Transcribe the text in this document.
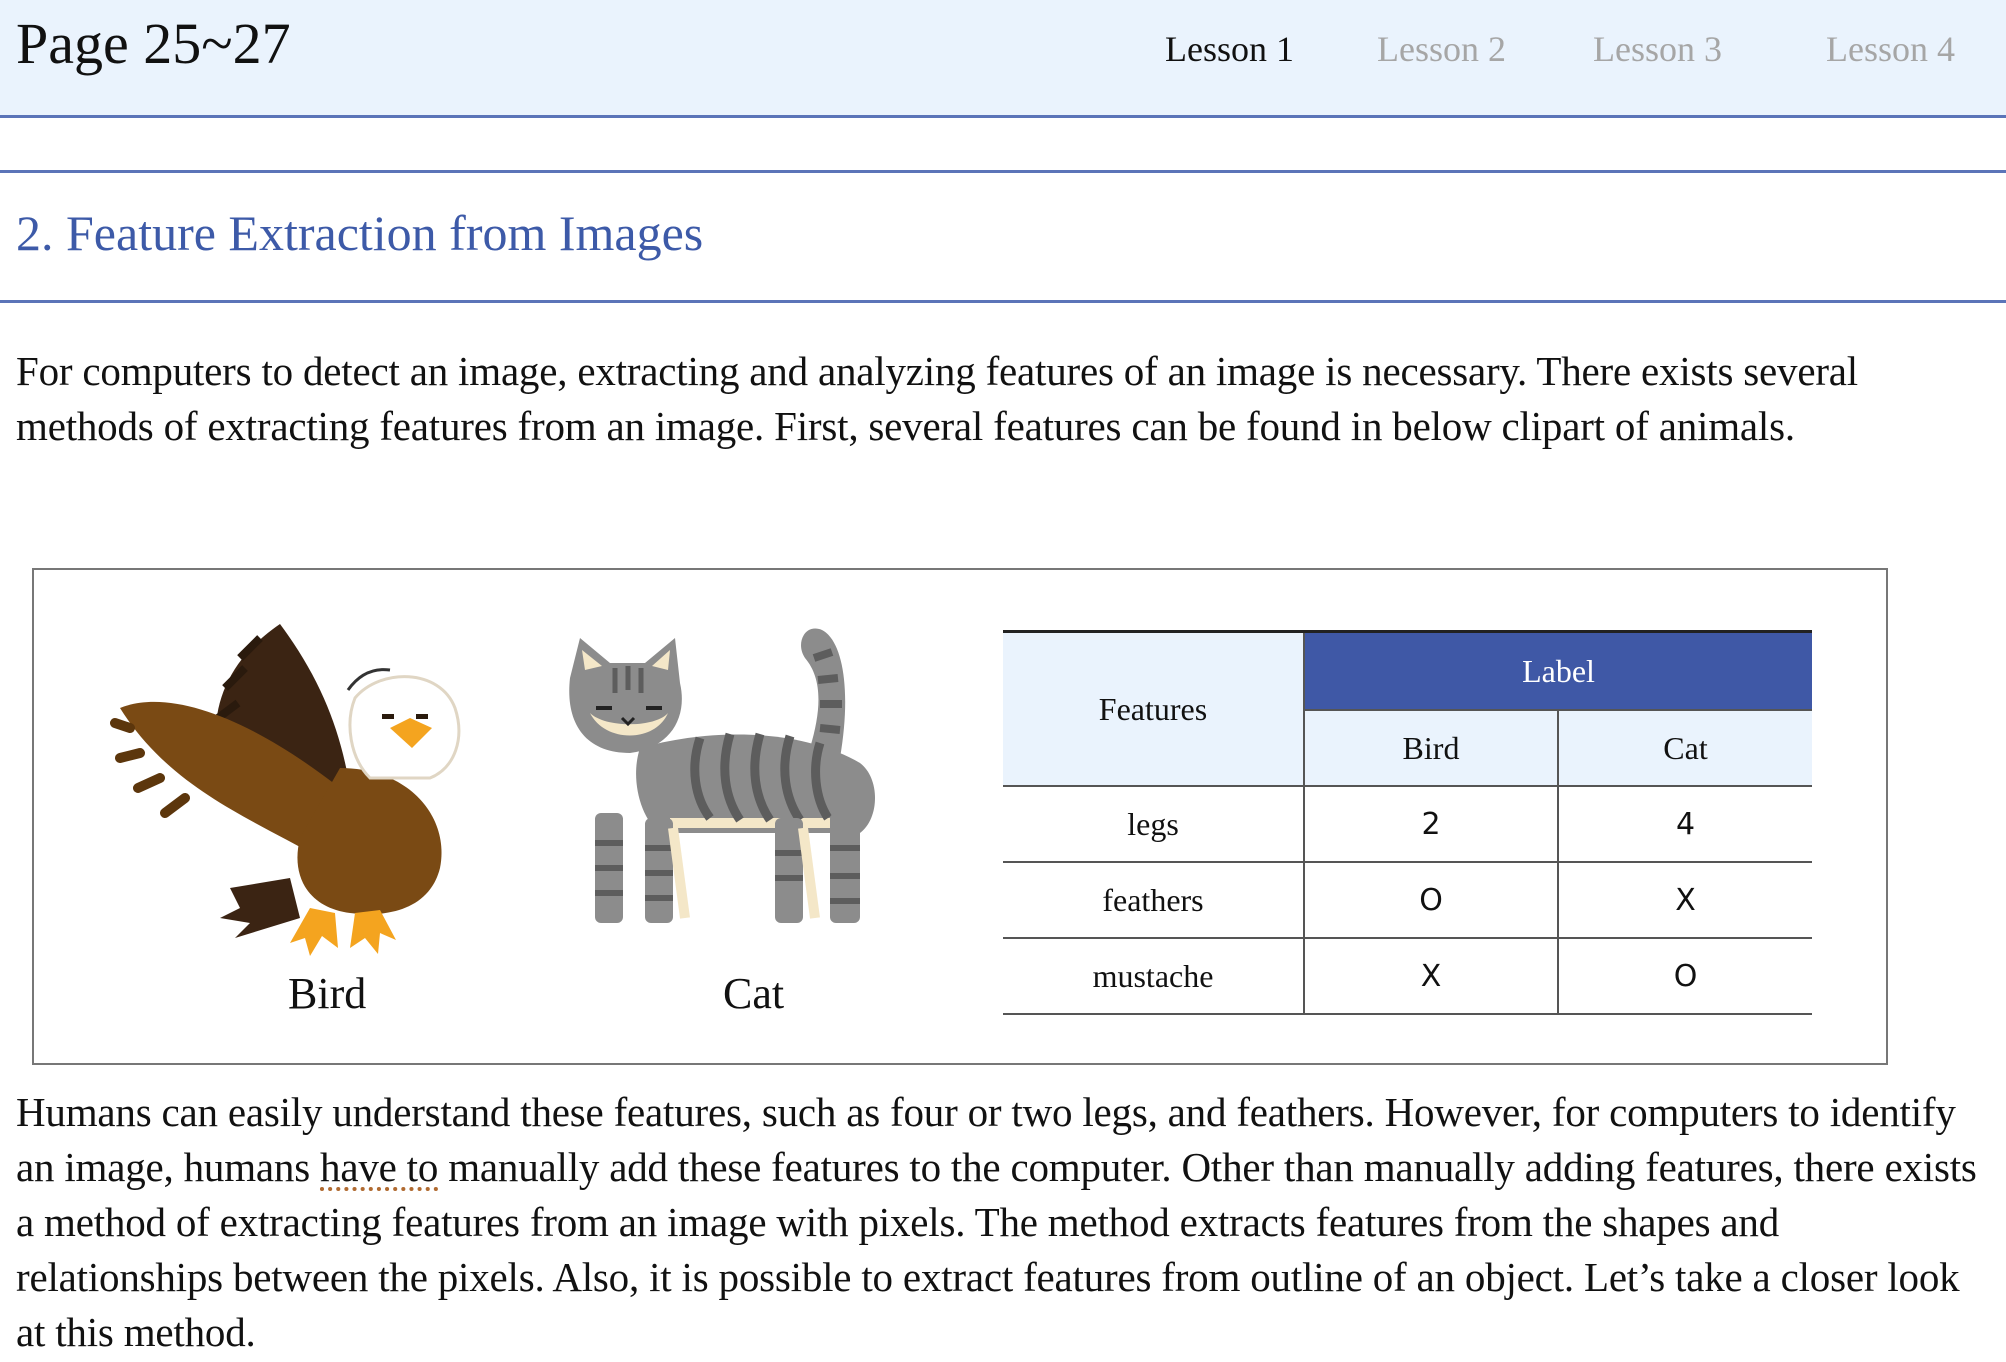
Page 25~27	Lesson 1 Lesson 2 Lesson 3	Lesson 4
2. Feature Extraction from Images

For computers to detect an image, extracting and analyzing features of an image is necessary. There exists several methods of extracting features from an image. First, several features can be found in below clipart of animals.

Bird	Cat
Features	Label	
	Bird	Cat
legs	2	4
feathers	O	X
mustache	X	O

Humans can easily understand these features, such as four or two legs, and feathers. However, for computers to identify an image, humans have to manually add these features to the computer. Other than manually adding features, there exists a method of extracting features from an image with pixels. The method extracts features from the shapes and relationships between the pixels. Also, it is possible to extract features from outline of an object. Let’s take a closer look at this method.
